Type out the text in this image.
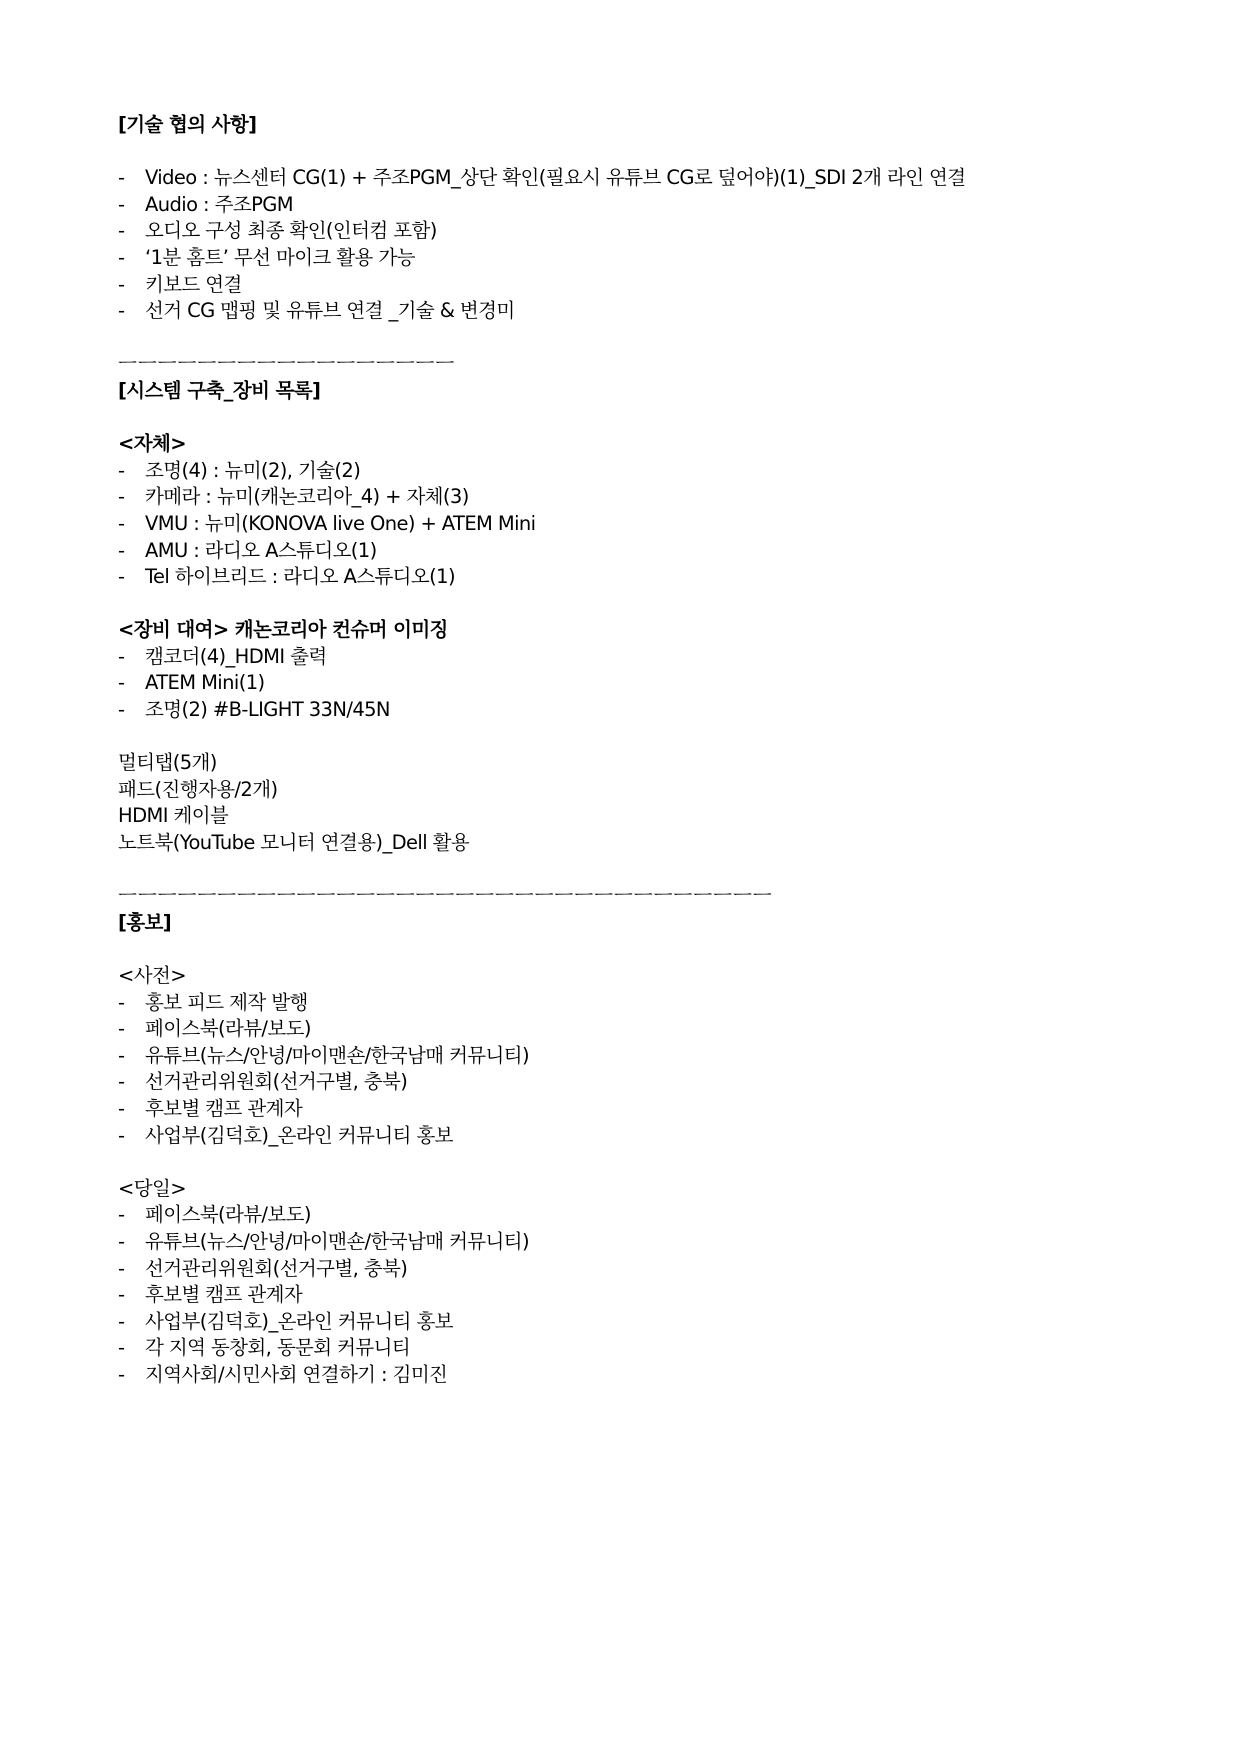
[기술 협의 사항]
-	Video : 뉴스센터 CG(1) + 주조PGM_상단 확인(필요시 유튜브 CG로 덮어야)(1)_SDI 2개 라인 연결
-	Audio : 주조PGM
-	오디오 구성 최종 확인(인터컴 포함)
-	‘1분 홈트’ 무선 마이크 활용 가능
-	키보드 연결
-	선거 CG 맵핑 및 유튜브 연결 _기술 & 변경미
ㅡㅡㅡㅡㅡㅡㅡㅡㅡㅡㅡㅡㅡㅡㅡㅡㅡ
[시스템 구축_장비 목록]
<자체>
-	조명(4) : 뉴미(2), 기술(2)
-	카메라 : 뉴미(캐논코리아_4) + 자체(3)
-	VMU : 뉴미(KONOVA live One) + ATEM Mini
-	AMU : 라디오 A스튜디오(1)
-	Tel 하이브리드 : 라디오 A스튜디오(1)
<장비 대여> 캐논코리아 컨슈머 이미징
-	캠코더(4)_HDMI 출력
-	ATEM Mini(1)
-	조명(2) #B-LIGHT 33N/45N
멀티탭(5개)
패드(진행자용/2개)
HDMI 케이블
노트북(YouTube 모니터 연결용)_Dell 활용
ㅡㅡㅡㅡㅡㅡㅡㅡㅡㅡㅡㅡㅡㅡㅡㅡㅡㅡㅡㅡㅡㅡㅡㅡㅡㅡㅡㅡㅡㅡㅡㅡㅡ
[홍보]
<사전>
-	홍보 피드 제작 발행
-	페이스북(라뷰/보도)
-	유튜브(뉴스/안녕/마이맨숀/한국남매 커뮤니티)
-	선거관리위원회(선거구별, 충북)
-	후보별 캠프 관계자
-	사업부(김덕호)_온라인 커뮤니티 홍보
<당일>
-	페이스북(라뷰/보도)
-	유튜브(뉴스/안녕/마이맨숀/한국남매 커뮤니티)
-	선거관리위원회(선거구별, 충북)
-	후보별 캠프 관계자
-	사업부(김덕호)_온라인 커뮤니티 홍보
-	각 지역 동창회, 동문회 커뮤니티
-	지역사회/시민사회 연결하기 : 김미진
